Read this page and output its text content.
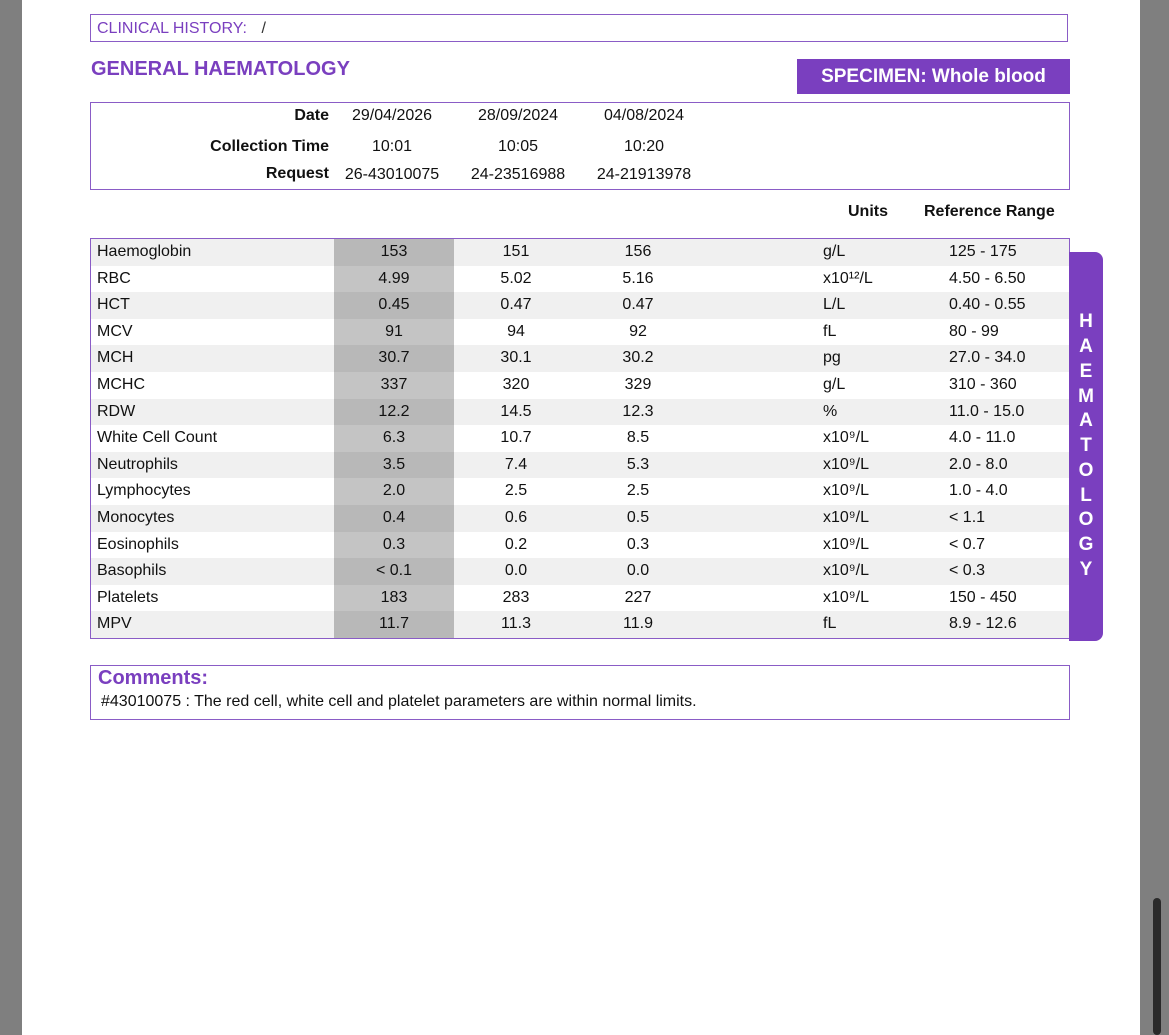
CLINICAL HISTORY: /
GENERAL HAEMATOLOGY	SPECIMEN: Whole blood
Date	29/04/2026	28/09/2024	04/08/2024
Collection Time	10:01	10:05	10:20
Request 26-43010075	24-23516988	24-21913978
Units Reference Range
Haemoglobin	153	151	156	g/L	125 - 175
RBC	4.99	5.02	5.16	x10¹²/L	4.50 - 6.50
HCT	0.45	0.47	0.47	L/L	0.40 - 0.55
MCV	91	94	92	fL	80 - 99
MCH	30.7	30.1	30.2	pg	27.0 - 34.0
MCHC	337	320	329	g/L	310 - 360
RDW	12.2	14.5	12.3	%	11.0 - 15.0
White Cell Count	6.3	10.7	8.5	x10⁹/L	4.0 - 11.0
Neutrophils	3.5	7.4	5.3	x10⁹/L	2.0 - 8.0
Lymphocytes	2.0	2.5	2.5	x10⁹/L	1.0 - 4.0
Monocytes	0.4	0.6	0.5	x10⁹/L	< 1.1
Eosinophils	0.3	0.2	0.3	x10⁹/L	< 0.7
Basophils	< 0.1	0.0	0.0	x10⁹/L	< 0.3
Platelets	183	283	227	x10⁹/L	150 - 450
MPV	11.7	11.3	11.9	fL	8.9 - 12.6
H
A
E
M
A
T
O
L
O
G
Y
Comments:
#43010075 : The red cell, white cell and platelet parameters are within normal limits.
